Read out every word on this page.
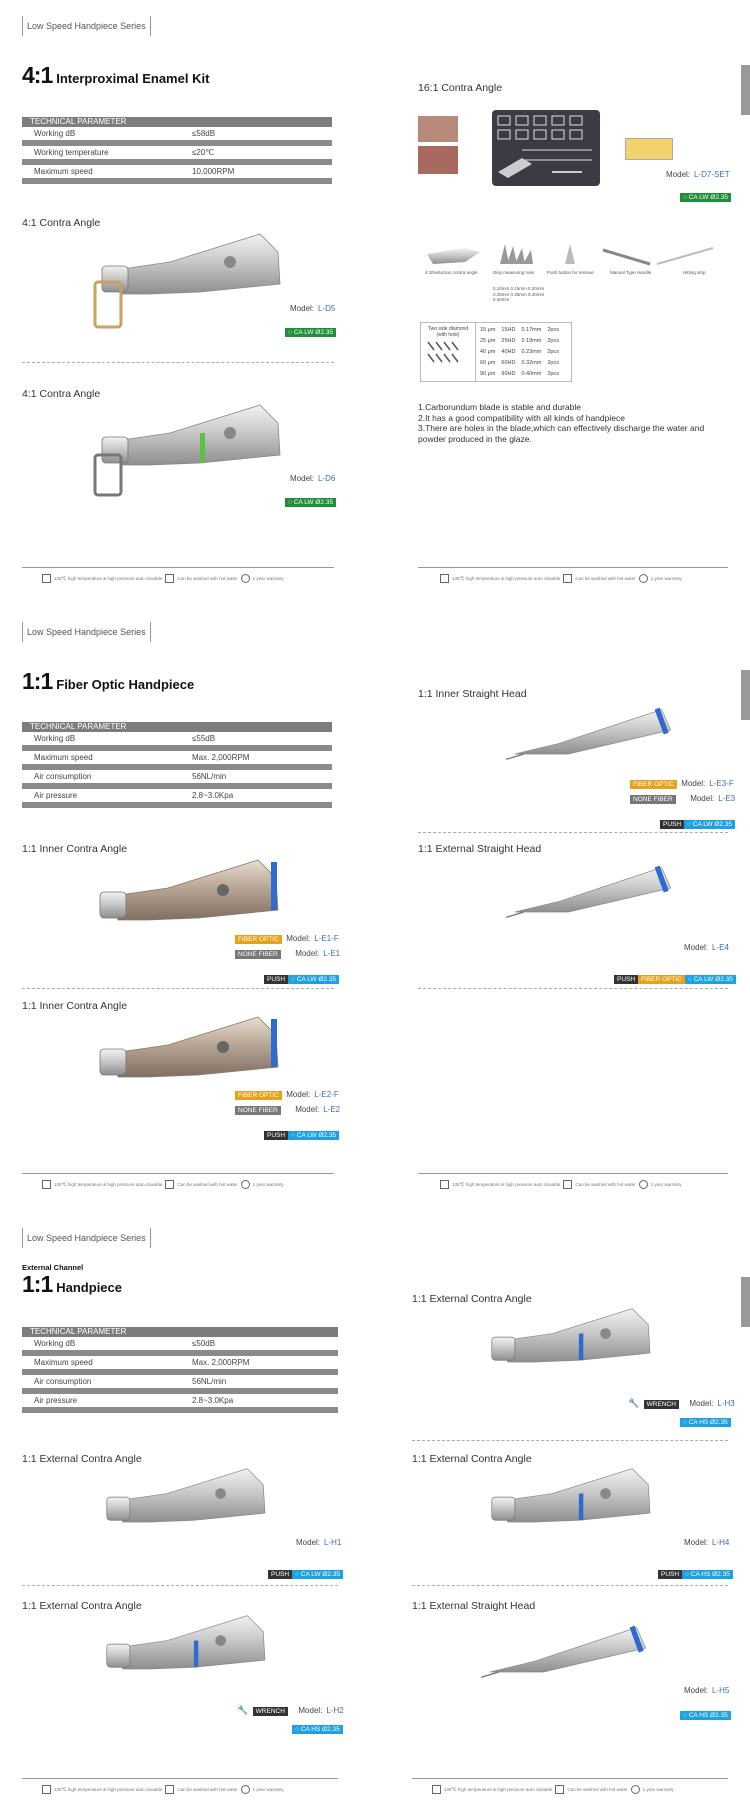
Low Speed Handpiece Series
4:1 Interproximal Enamel Kit
TECHNICAL PARAMETER
Working dB	≤58dB
Working temperature	≤20℃
Maximum speed	10,000RPM
4:1 Contra Angle
Model: L-D5
○ CA LW Ø2.35
4:1 Contra Angle
Model: L-D6
○ CA LW Ø2.35
135℃ high temperature & high pressure auto clavable	Can be washed with hot water	1 year warranty
16:1 Contra Angle
Model: L-D7-SET
○ CA LW Ø2.35
4:1Reduction contra angle	Disp measuring ruler	Push button for remove	Manual Type Handle	Hitting strip
0.10mm 0.15mm 0.20mm
0.25mm 0.30mm 0.40mm
0.50mm
Two side diamond (with hole)
15 μm 15HD 0.17mm 2pcs
25 μm 25HD 0.19mm 2pcs
40 μm 40HD 0.23mm 2pcs
60 μm 60HD 0.32mm 2pcs
90 μm 90HD 0.40mm 2pcs
1.Carborundum blade is stable and durable
2.It has a good compatibility with all kinds of handpiece
3.There are holes in the blade,which can effectively discharge the water and powder produced in the glaze.
135℃ high temperature & high pressure auto clavable	Can be washed with hot water	1 year warranty
Low Speed Handpiece Series
1:1 Fiber Optic Handpiece
TECHNICAL PARAMETER
Working dB	≤55dB
Maximum speed	Max. 2,000RPM
Air consumption	56NL/min
Air pressure	2.8~3.0Kpa
1:1 Inner Contra Angle
FIBER OPTIC Model: L-E1-F
NONE FIBER Model: L-E1
PUSH ○ CA LW Ø2.35
1:1 Inner Contra Angle
FIBER OPTIC Model: L-E2-F
NONE FIBER Model: L-E2
PUSH ○ CA LW Ø2.35
135℃ high temperature & high pressure auto clavable	Can be washed with hot water	1 year warranty
1:1 Inner Straight Head
FIBER OPTIC Model: L-E3-F
NONE FIBER Model: L-E3
PUSH ○ CA LW Ø2.35
1:1 External Straight Head
Model: L-E4
PUSH FIBER OPTIC ○ CA LW Ø2.35
135℃ high temperature & high pressure auto clavable	Can be washed with hot water	1 year warranty
Low Speed Handpiece Series
External Channel
1:1 Handpiece
TECHNICAL PARAMETER
Working dB	≤50dB
Maximum speed	Max. 2,000RPM
Air consumption	56NL/min
Air pressure	2.8~3.0Kpa
1:1 External Contra Angle
Model: L-H1
PUSH ○ CA LW Ø2.35
1:1 External Contra Angle
🔧 WRENCH Model: L-H2
○ CA HS Ø2.35
135℃ high temperature & high pressure auto clavable	Can be washed with hot water	1 year warranty
1:1 External Contra Angle
🔧 WRENCH Model: L-H3
○ CA HS Ø2.35
1:1 External Contra Angle
Model: L-H4
PUSH ○ CA HS Ø2.35
1:1 External Straight Head
Model: L-H5
○ CA HS Ø2.35
135℃ high temperature & high pressure auto clavable	Can be washed with hot water	1 year warranty
